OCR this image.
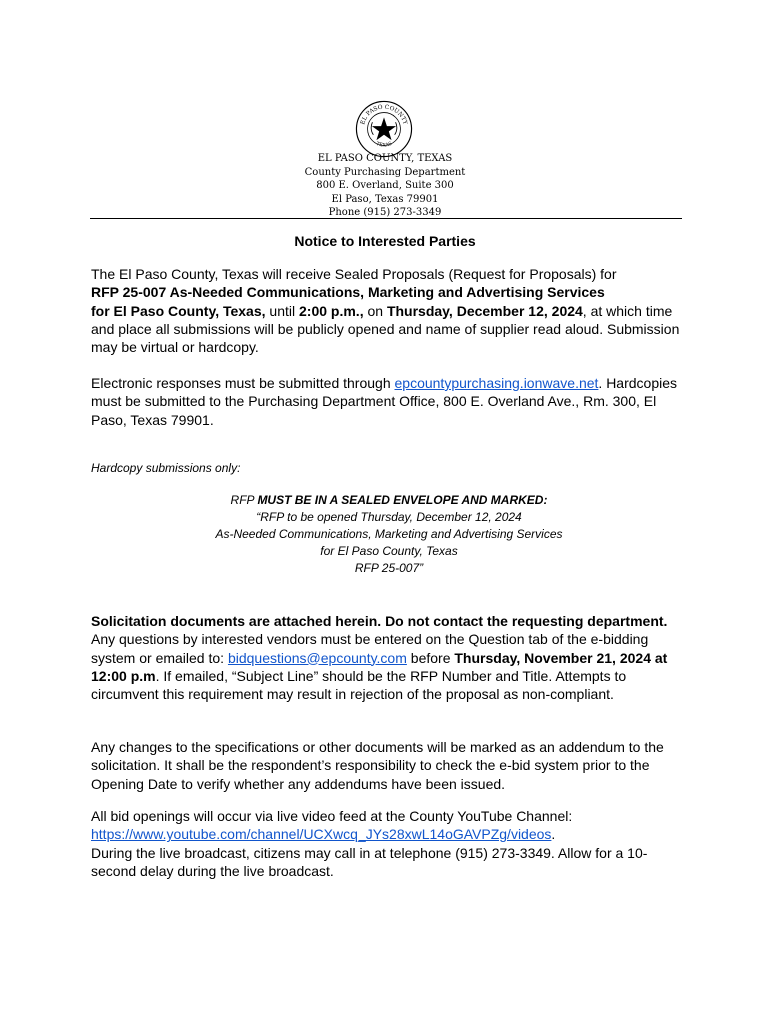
EL PASO COUNTY
TEXAS
EL PASO COUNTY, TEXAS
County Purchasing Department
800 E. Overland, Suite 300
El Paso, Texas 79901
Phone (915) 273-3349
Notice to Interested Parties

The El Paso County, Texas will receive Sealed Proposals (Request for Proposals) for
RFP 25-007 As-Needed Communications, Marketing and Advertising Services
for El Paso County, Texas, until 2:00 p.m., on Thursday, December 12, 2024, at which time and place all submissions will be publicly opened and name of supplier read aloud. Submission may be virtual or hardcopy.

Electronic responses must be submitted through epcountypurchasing.ionwave.net. Hardcopies must be submitted to the Purchasing Department Office, 800 E. Overland Ave., Rm. 300, El Paso, Texas 79901.

Hardcopy submissions only:
RFP MUST BE IN A SEALED ENVELOPE AND MARKED:
“RFP to be opened Thursday, December 12, 2024
As-Needed Communications, Marketing and Advertising Services
for El Paso County, Texas
RFP 25-007”

Solicitation documents are attached herein. Do not contact the requesting department. Any questions by interested vendors must be entered on the Question tab of the e-bidding system or emailed to: bidquestions@epcounty.com before Thursday, November 21, 2024 at 12:00 p.m. If emailed, “Subject Line” should be the RFP Number and Title. Attempts to circumvent this requirement may result in rejection of the proposal as non-compliant.

Any changes to the specifications or other documents will be marked as an addendum to the solicitation. It shall be the respondent’s responsibility to check the e-bid system prior to the Opening Date to verify whether any addendums have been issued.

All bid openings will occur via live video feed at the County YouTube Channel:
https://www.youtube.com/channel/UCXwcq_JYs28xwL14oGAVPZg/videos.
During the live broadcast, citizens may call in at telephone (915) 273-3349. Allow for a 10-second delay during the live broadcast.
